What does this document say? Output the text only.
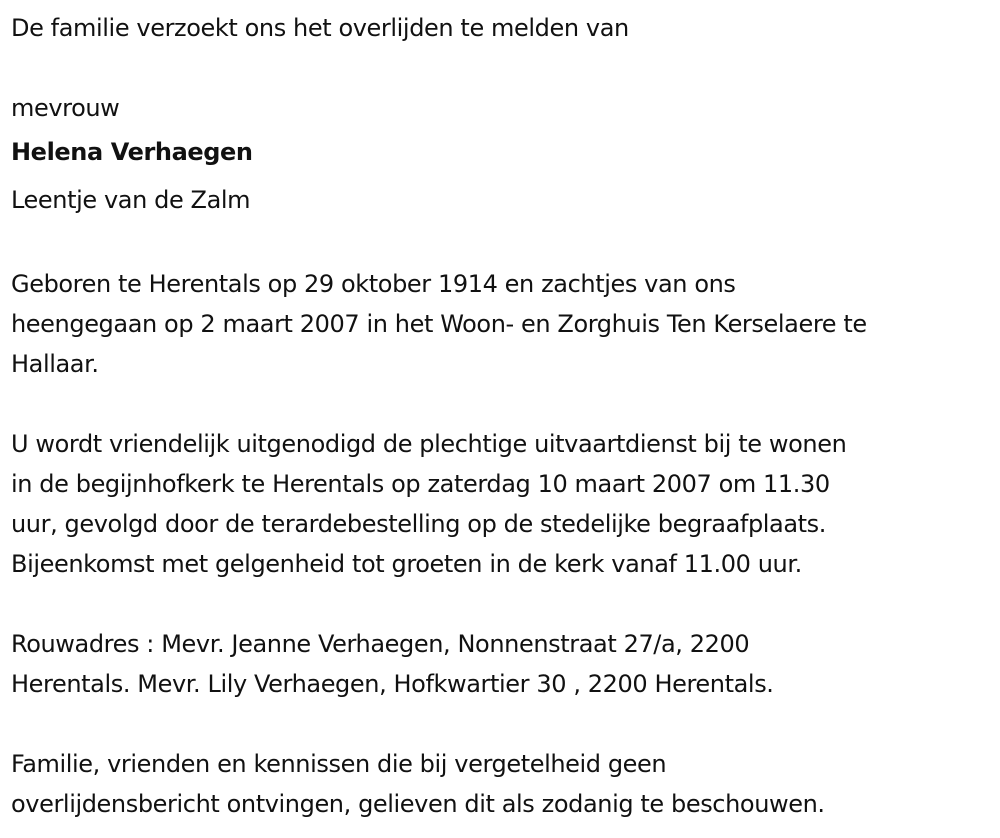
De familie verzoekt ons het overlijden te melden van
mevrouw
Helena Verhaegen
Leentje van de Zalm
Geboren te Herentals op 29 oktober 1914 en zachtjes van ons
heengegaan op 2 maart 2007 in het Woon- en Zorghuis Ten Kerselaere te
Hallaar.
U wordt vriendelijk uitgenodigd de plechtige uitvaartdienst bij te wonen
in de begijnhofkerk te Herentals op zaterdag 10 maart 2007 om 11.30
uur, gevolgd door de terardebestelling op de stedelijke begraafplaats.
Bijeenkomst met gelgenheid tot groeten in de kerk vanaf 11.00 uur.
Rouwadres : Mevr. Jeanne Verhaegen, Nonnenstraat 27/a, 2200
Herentals. Mevr. Lily Verhaegen, Hofkwartier 30 , 2200 Herentals.
Familie, vrienden en kennissen die bij vergetelheid geen
overlijdensbericht ontvingen, gelieven dit als zodanig te beschouwen.
